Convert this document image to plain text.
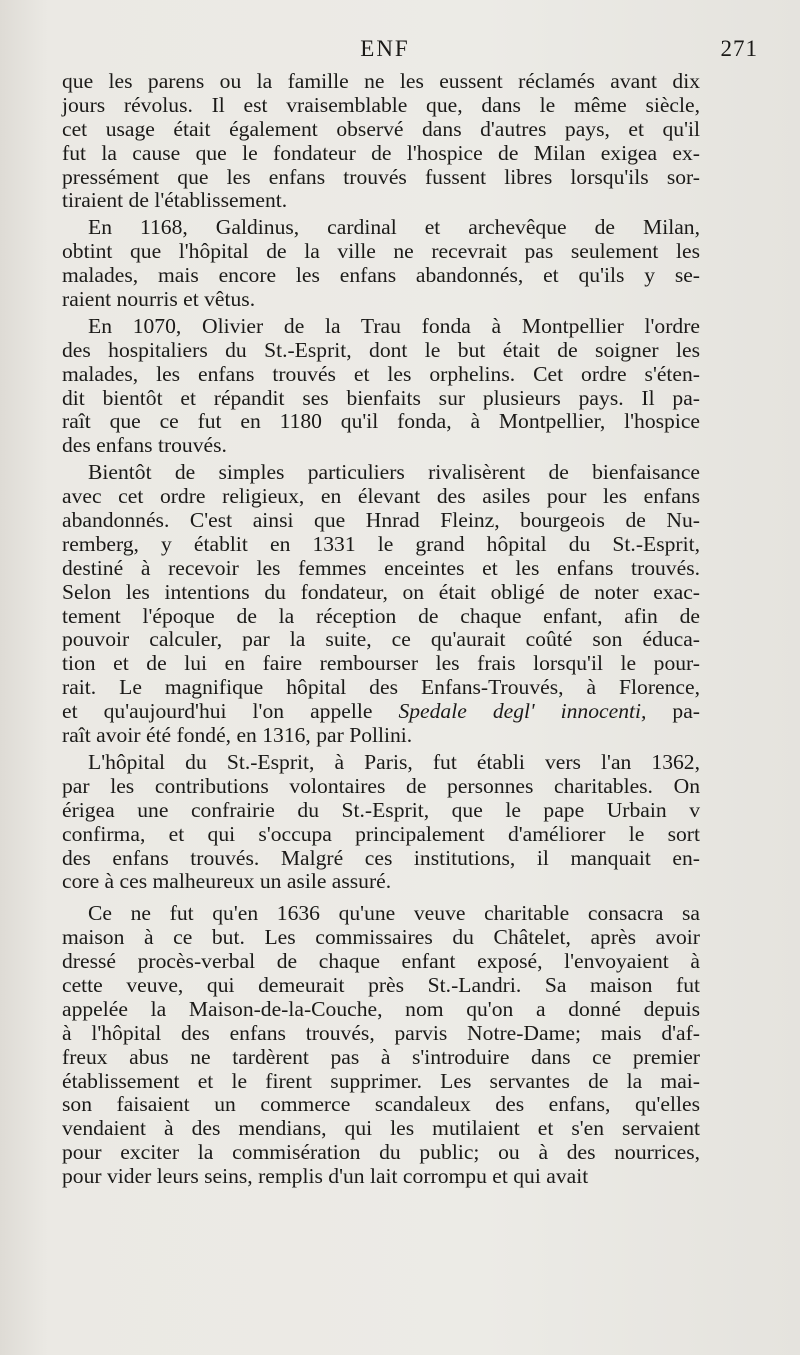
ENF	271
que les parens ou la famille ne les eussent réclamés avant dix
jours révolus. Il est vraisemblable que, dans le même siècle,
cet usage était également observé dans d'autres pays, et qu'il
fut la cause que le fondateur de l'hospice de Milan exigea ex-
pressément que les enfans trouvés fussent libres lorsqu'ils sor-
tiraient de l'établissement.
En 1168, Galdinus, cardinal et archevêque de Milan,
obtint que l'hôpital de la ville ne recevrait pas seulement les
malades, mais encore les enfans abandonnés, et qu'ils y se-
raient nourris et vêtus.
En 1070, Olivier de la Trau fonda à Montpellier l'ordre
des hospitaliers du St.-Esprit, dont le but était de soigner les
malades, les enfans trouvés et les orphelins. Cet ordre s'éten-
dit bientôt et répandit ses bienfaits sur plusieurs pays. Il pa-
raît que ce fut en 1180 qu'il fonda, à Montpellier, l'hospice
des enfans trouvés.
Bientôt de simples particuliers rivalisèrent de bienfaisance
avec cet ordre religieux, en élevant des asiles pour les enfans
abandonnés. C'est ainsi que Hnrad Fleinz, bourgeois de Nu-
remberg, y établit en 1331 le grand hôpital du St.-Esprit,
destiné à recevoir les femmes enceintes et les enfans trouvés.
Selon les intentions du fondateur, on était obligé de noter exac-
tement l'époque de la réception de chaque enfant, afin de
pouvoir calculer, par la suite, ce qu'aurait coûté son éduca-
tion et de lui en faire rembourser les frais lorsqu'il le pour-
rait. Le magnifique hôpital des Enfans-Trouvés, à Florence,
et qu'aujourd'hui l'on appelle Spedale degl' innocenti, pa-
raît avoir été fondé, en 1316, par Pollini.
L'hôpital du St.-Esprit, à Paris, fut établi vers l'an 1362,
par les contributions volontaires de personnes charitables. On
érigea une confrairie du St.-Esprit, que le pape Urbain v
confirma, et qui s'occupa principalement d'améliorer le sort
des enfans trouvés. Malgré ces institutions, il manquait en-
core à ces malheureux un asile assuré.
Ce ne fut qu'en 1636 qu'une veuve charitable consacra sa
maison à ce but. Les commissaires du Châtelet, après avoir
dressé procès-verbal de chaque enfant exposé, l'envoyaient à
cette veuve, qui demeurait près St.-Landri. Sa maison fut
appelée la Maison-de-la-Couche, nom qu'on a donné depuis
à l'hôpital des enfans trouvés, parvis Notre-Dame; mais d'af-
freux abus ne tardèrent pas à s'introduire dans ce premier
établissement et le firent supprimer. Les servantes de la mai-
son faisaient un commerce scandaleux des enfans, qu'elles
vendaient à des mendians, qui les mutilaient et s'en servaient
pour exciter la commisération du public; ou à des nourrices,
pour vider leurs seins, remplis d'un lait corrompu et qui avait
